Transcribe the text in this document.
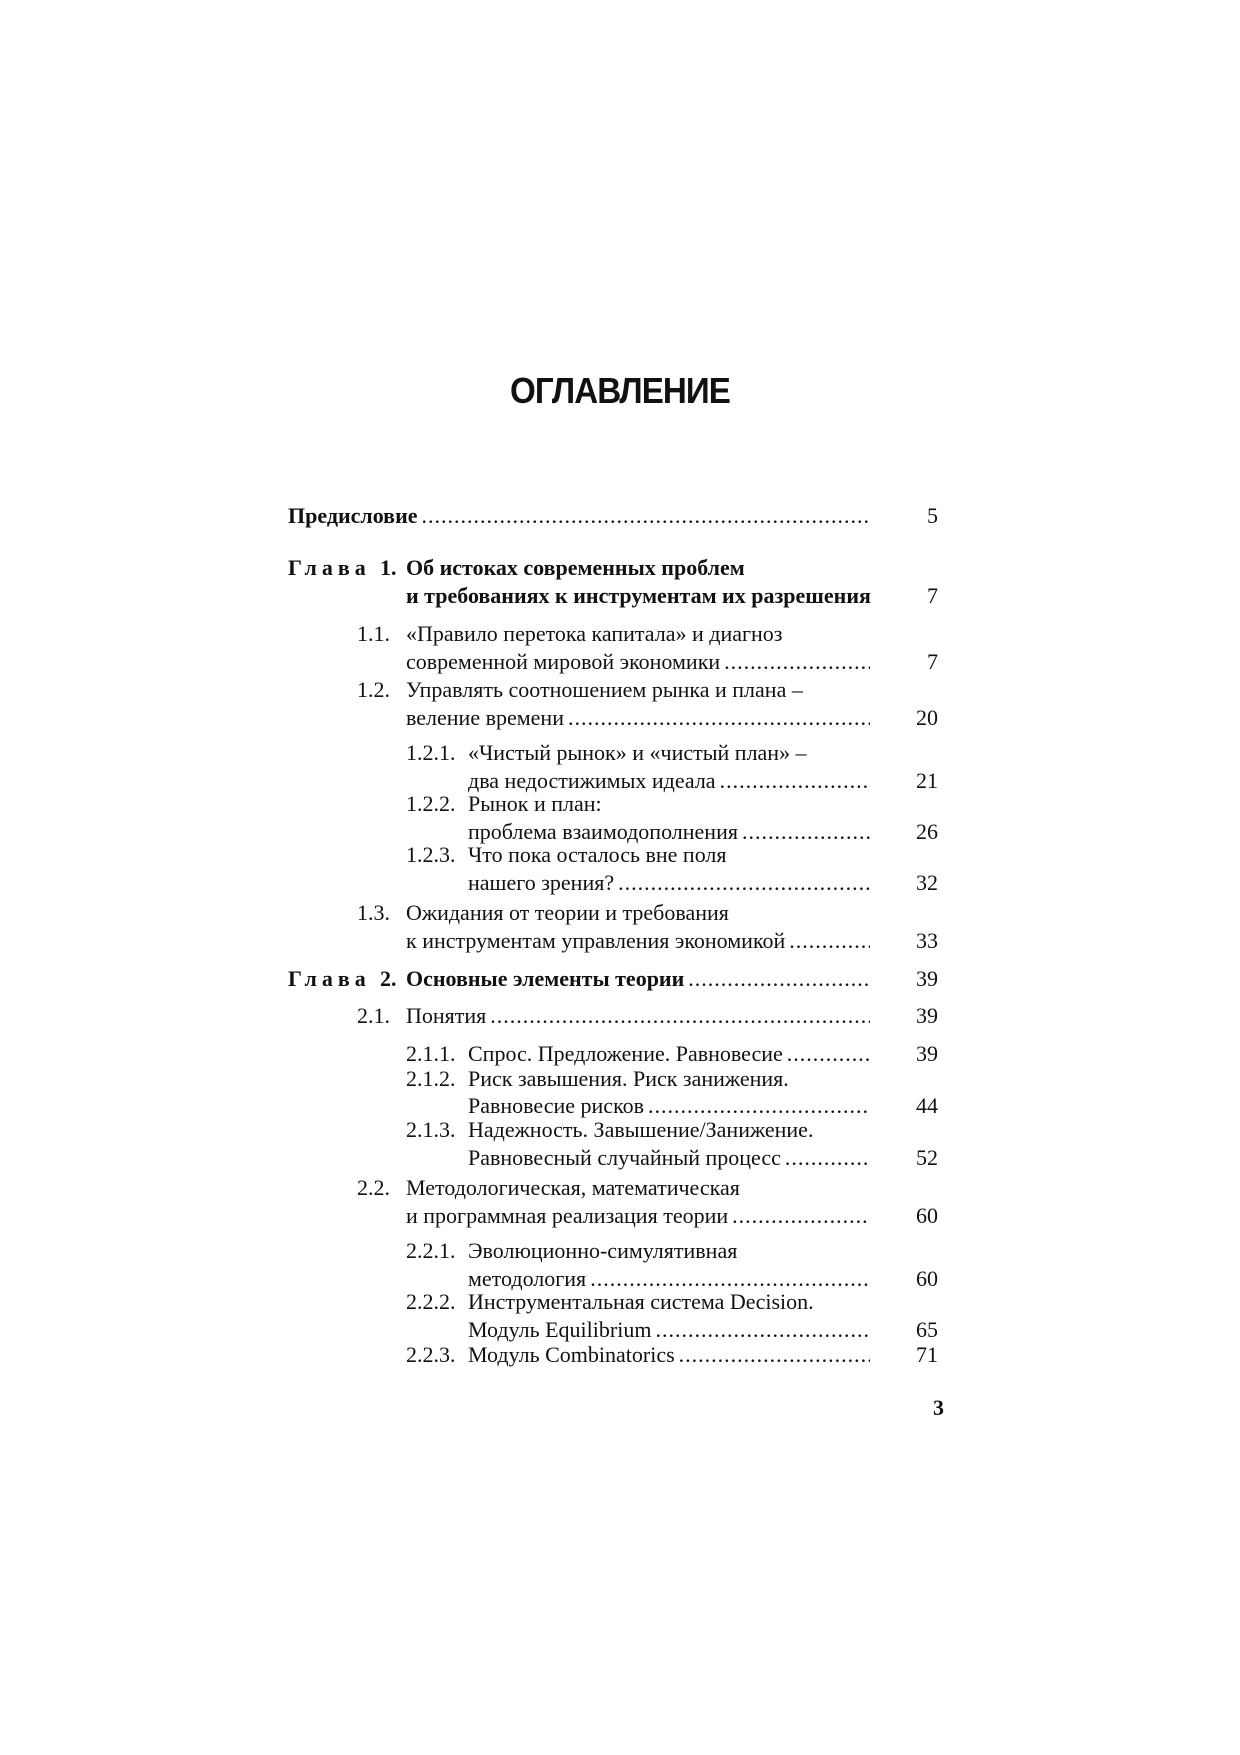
ОГЛАВЛЕНИЕ
Предисловие .....	5
Глава 1. Об истоках современных проблем
и требованиях к инструментам их разрешения	7
1.1. «Правило перетока капитала» и диагноз
современной мировой экономики .....	7
1.2. Управлять соотношением рынка и плана –
веление времени .....	20
1.2.1. «Чистый рынок» и «чистый план» –
два недостижимых идеала .....	21
1.2.2. Рынок и план:
проблема взаимодополнения .....	26
1.2.3. Что пока осталось вне поля
нашего зрения? .....	32
1.3. Ожидания от теории и требования
к инструментам управления экономикой .....	33
Глава 2. Основные элементы теории .....	39
2.1. Понятия .....	39
2.1.1. Спрос. Предложение. Равновесие .....	39
2.1.2. Риск завышения. Риск занижения.
Равновесие рисков .....	44
2.1.3. Надежность. Завышение/Занижение.
Равновесный случайный процесс .....	52
2.2. Методологическая, математическая
и программная реализация теории .....	60
2.2.1. Эволюционно-симулятивная
методология .....	60
2.2.2. Инструментальная система Decision.
Модуль Equilibrium .....	65
2.2.3. Модуль Combinatorics .....	71
3
